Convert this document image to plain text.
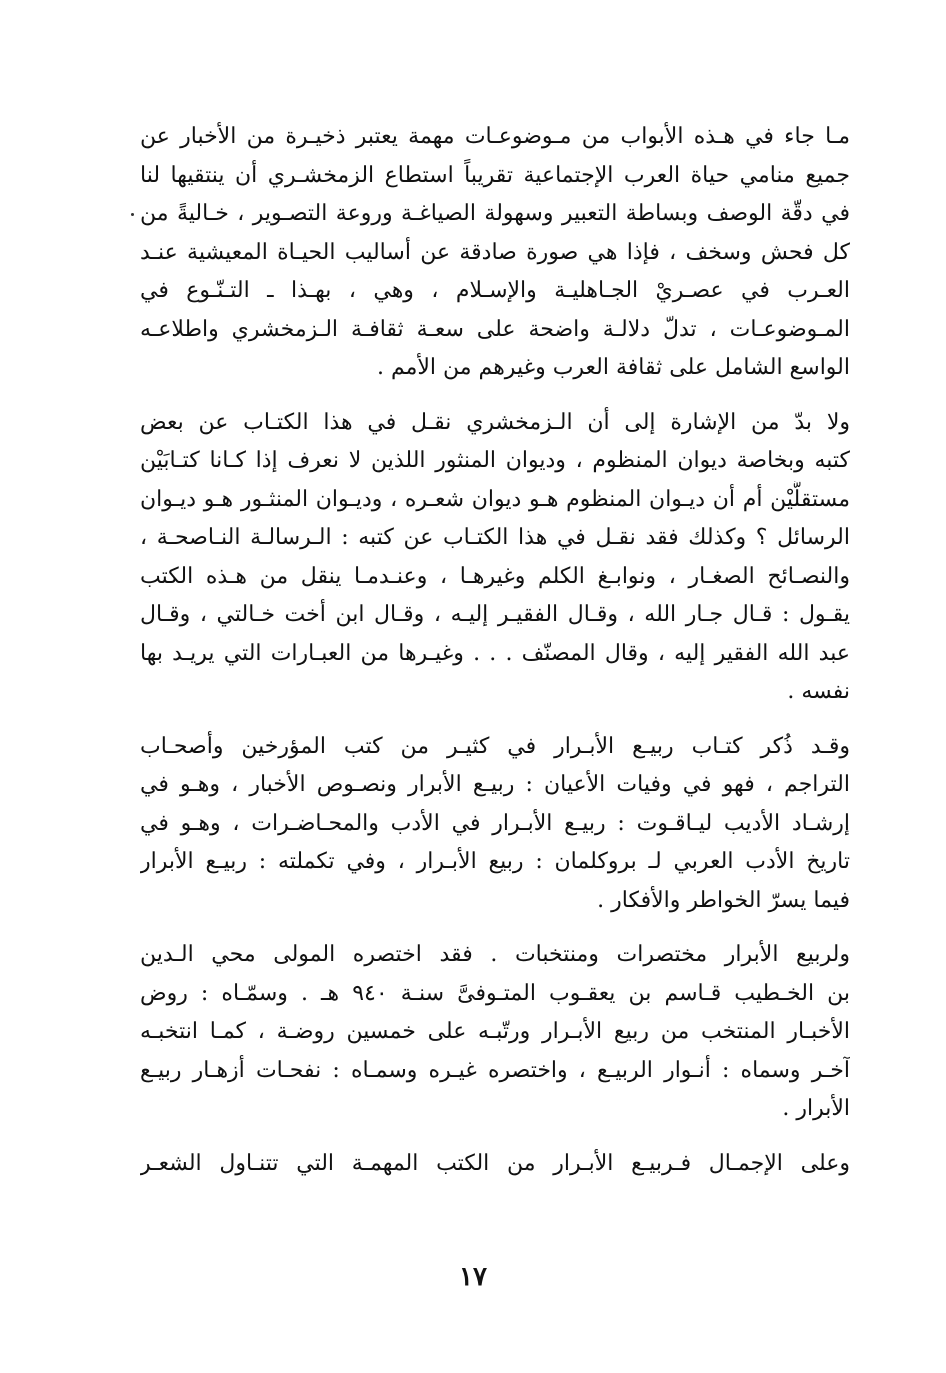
مـا جاء في هـذه الأبواب من مـوضوعـات مهمة يعتبر ذخيـرة من الأخبار عن
جميع منامي حياة العرب الإجتماعية تقريباً استطاع الزمخشـري أن ينتقيها لنا
في دقّة الوصف وبساطة التعبير وسهولة الصياغـة وروعة التصـوير ، خـاليةً من
كل فحش وسخف ، فإذا هي صورة صادقة عن أساليب الحيـاة المعيشية عنـد
العـرب في عصـريْ الجـاهليـة والإسـلام ، وهي ، بهـذا ـ التـنّـوع في
المـوضوعـات ، تدلّ دلالـة واضحة على سعـة ثقافـة الـزمخشري واطلاعـه
الواسع الشامل على ثقافة العرب وغيرهم من الأمم .
ولا بدّ من الإشارة إلى أن الـزمخشري نقـل في هذا الكتـاب عن بعض
كتبه وبخاصة ديوان المنظوم ، وديوان المنثور اللذين لا نعرف إذا كـانا كتـابَيْن
مستقلَّيْن أم أن ديـوان المنظوم هـو ديوان شعـره ، وديـوان المنثـور هـو ديـوان
الرسائل ؟ وكذلك فقد نقـل في هذا الكتـاب عن كتبه : الـرسالـة النـاصحـة ،
والنصـائح الصغـار ، ونوابـغ الكلم وغيرهـا ، وعنـدمـا ينقل من هـذه الكتب
يقـول : قـال جـار الله ، وقـال الفقيـر إليـه ، وقـال ابن أخت خـالتي ، وقـال
عبد الله الفقير إليه ، وقال المصنّف . . . وغيـرها من العبـارات التي يريـد بها
نفسه .
وقـد ذُكر كتـاب ربيـع الأبـرار في كثيـر من كتب المؤرخين وأصحـاب
التراجم ، فهو في وفيات الأعيان : ربيـع الأبرار ونصـوص الأخبار ، وهـو في
إرشـاد الأديب ليـاقـوت : ربيـع الأبـرار في الأدب والمحـاضـرات ، وهـو في
تاريخ الأدب العربي لـ بروكلمان : ربيع الأبـرار ، وفي تكملته : ربيـع الأبرار
فيما يسرّ الخواطر والأفكار .
ولربيع الأبرار مختصرات ومنتخبات . فقد اختصره المولى محي الـدين
بن الخـطيب قـاسم بن يعقـوب المتـوفىَّ سنـة ٩٤٠ هـ . وسمّـاه : روض
الأخبـار المنتخب من ربيع الأبـرار ورتّبـه على خمسين روضـة ، كمـا انتخبـه
آخـر وسماه : أنـوار الربيـع ، واختصره غيـره وسمـاه : نفحـات أزهـار ربيـع
الأبرار .
وعلى الإجمـال فـربيـع الأبـرار من الكتب المهمـة التي تتنـاول الشعـر
١٧
